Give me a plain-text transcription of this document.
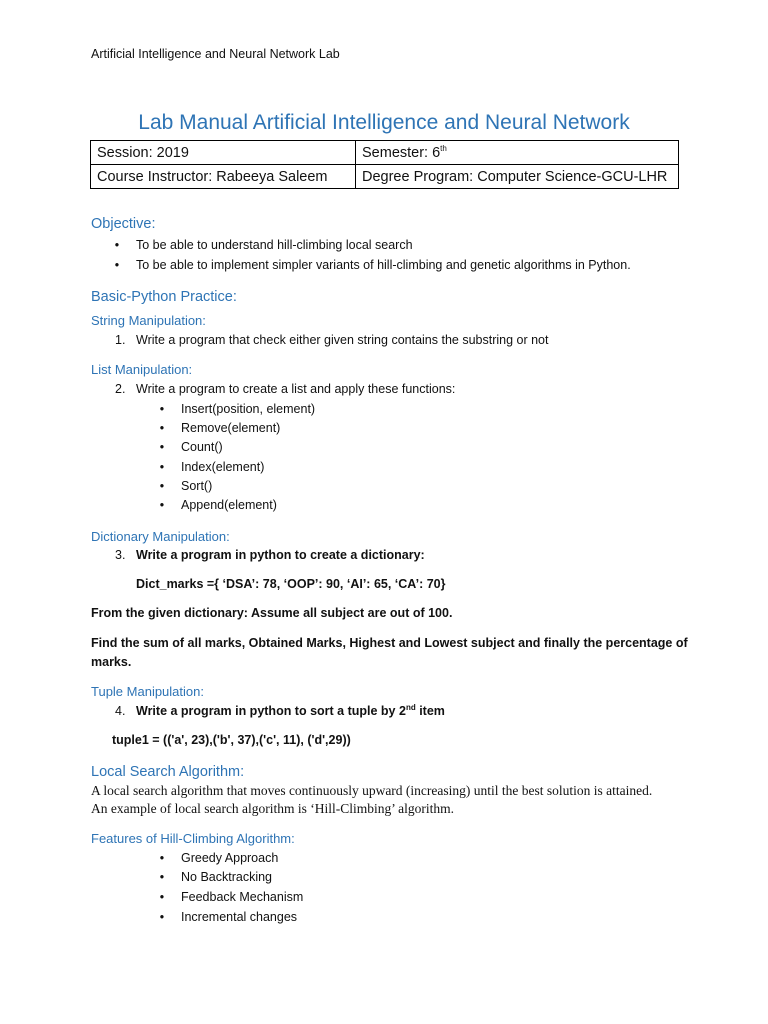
Artificial Intelligence and Neural Network Lab
Lab Manual Artificial Intelligence and Neural Network
Session: 2019	Semester: 6th
Course Instructor: Rabeeya Saleem	Degree Program: Computer Science-GCU-LHR
Objective:
• To be able to understand hill-climbing local search
• To be able to implement simpler variants of hill-climbing and genetic algorithms in Python.
Basic-Python Practice:
String Manipulation:
1. Write a program that check either given string contains the substring or not
List Manipulation:
2. Write a program to create a list and apply these functions:
• Insert(position, element)
• Remove(element)
• Count()
• Index(element)
• Sort()
• Append(element)
Dictionary Manipulation:
3. Write a program in python to create a dictionary:
Dict_marks ={ ‘DSA’: 78, ‘OOP’: 90, ‘AI’: 65, ‘CA’: 70}
From the given dictionary: Assume all subject are out of 100.
Find the sum of all marks, Obtained Marks, Highest and Lowest subject and finally the percentage of
marks.
Tuple Manipulation:
4. Write a program in python to sort a tuple by 2nd item
tuple1 = (('a', 23),('b', 37),('c', 11), ('d',29))
Local Search Algorithm:
A local search algorithm that moves continuously upward (increasing) until the best solution is attained.
An example of local search algorithm is ‘Hill-Climbing’ algorithm.
Features of Hill-Climbing Algorithm:
• Greedy Approach
• No Backtracking
• Feedback Mechanism
• Incremental changes
